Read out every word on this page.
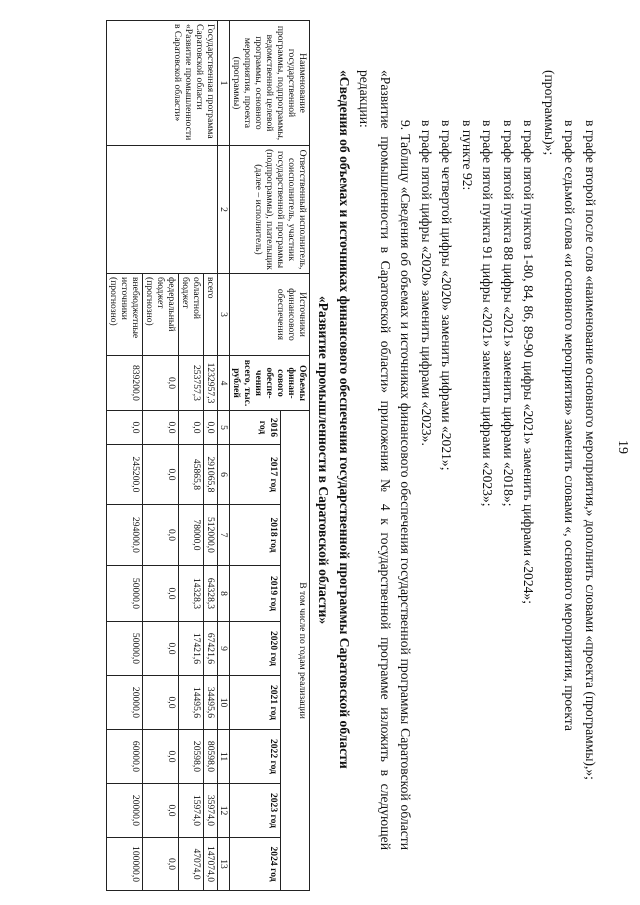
19

в графе второй после слов «наименование основного мероприятия,» дополнить словами «проекта (программы),»;

в графе седьмой слова «и основного мероприятия» заменить словами «, основного мероприятия, проекта

(программы)»;

в графе пятой пунктов 1-80, 84, 86, 89-90 цифры «2021» заменить цифрами «2024»;

в графе пятой пункта 88 цифры «2021» заменить цифрами «2018»;

в графе пятой пункта 91 цифры «2021» заменить цифрами «2023»;

в пункте 92:

в графе четвертой цифры «2020» заменить цифрами «2021»;

в графе пятой цифры «2020» заменить цифрами «2023».

9. Таблицу «Сведения об объемах и источниках финансового обеспечения государственной программы Саратовской области «Развитие промышленности в Саратовской области» приложения № 4 к государственной программе изложить в следующей редакции:

«Сведения об объемах и источниках финансового обеспечения государственной программы Саратовской области

«Развитие промышленности в Саратовской области»

Наименование государственной программы, подпрограммы, ведомственной целевой программы, основного мероприятия, проекта (программы)	Ответственный исполнитель, соисполнитель, участник государственной программы (подпрограммы), плательщик (далее – исполнитель)	Источники финансового обеспечения	Объемы финан-сового обеспе-чения всего, тыс. рублей	В том числе по годам реализации								
				2016 год	2017 год	2018 год	2019 год	2020 год	2021 год	2022 год	2023 год	2024 год
1	2	3	4	5	6	7	8	9	10	11	12	13
Государственная программа Саратовской области «Развитие промышленности в Саратовской области»		всего	1232957,3	0,0	291065,8	512000,0	64328,3	67421,6	34495,6	80598,0	35974,0	147074,0
		областной бюджет	253757,3	0,0	45865,8	78000,0	14328,3	17421,6	14495,6	20598,0	15974,0	47074,0
		федеральный бюджет (прогнозно)	0,0	0,0	0,0	0,0	0,0	0,0	0,0	0,0	0,0	0,0
		внебюджетные источники (прогнозно)	839200,0	0,0	245200,0	294000,0	50000,0	50000,0	20000,0	60000,0	20000,0	100000,0
